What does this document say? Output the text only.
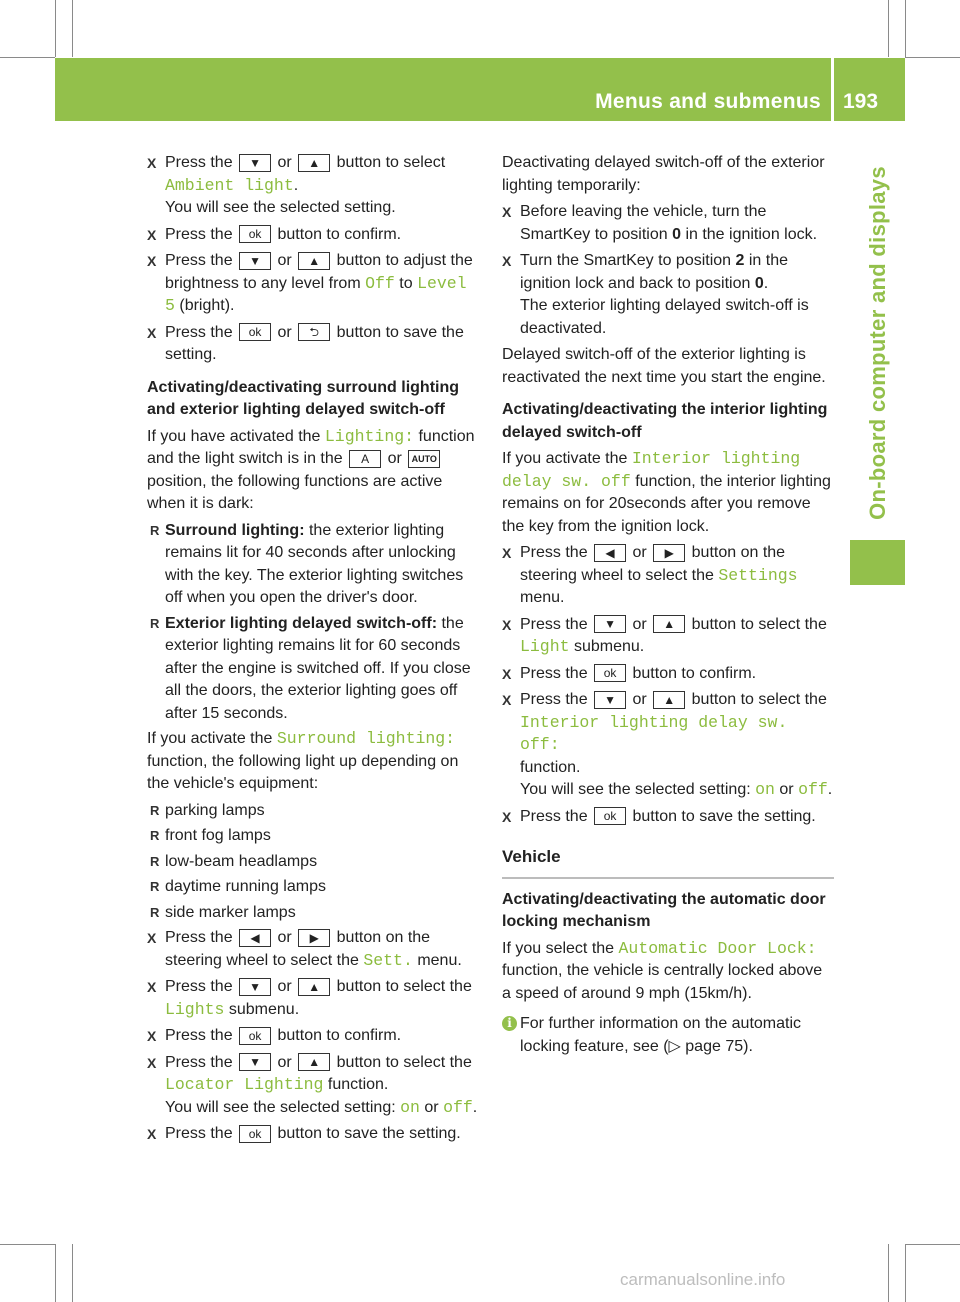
Menus and submenus 193
On-board computer and displays
X Press the ▼ or ▲ button to select
Ambient light.
You will see the selected setting.
X Press the ok button to confirm.
X Press the ▼ or ▲ button to adjust the brightness to any level from Off to Level 5 (bright).
X Press the ok or ⮌ button to save the setting.
Activating/deactivating surround lighting and exterior lighting delayed switch-off
If you have activated the Lighting: function and the light switch is in the A or AUTO position, the following functions are active when it is dark:
R Surround lighting: the exterior lighting remains lit for 40 seconds after unlocking with the key. The exterior lighting switches off when you open the driver's door.
R Exterior lighting delayed switch-off: the exterior lighting remains lit for 60 seconds after the engine is switched off. If you close all the doors, the exterior lighting goes off after 15 seconds.
If you activate the Surround lighting: function, the following light up depending on the vehicle's equipment:
R parking lamps
R front fog lamps
R low-beam headlamps
R daytime running lamps
R side marker lamps
X Press the ◀ or ▶ button on the steering wheel to select the Sett. menu.
X Press the ▼ or ▲ button to select the Lights submenu.
X Press the ok button to confirm.
X Press the ▼ or ▲ button to select the Locator Lighting function.
You will see the selected setting: on or off.
X Press the ok button to save the setting.
Deactivating delayed switch-off of the exterior lighting temporarily:
X Before leaving the vehicle, turn the SmartKey to position 0 in the ignition lock.
X Turn the SmartKey to position 2 in the ignition lock and back to position 0.
The exterior lighting delayed switch-off is deactivated.
Delayed switch-off of the exterior lighting is reactivated the next time you start the engine.
Activating/deactivating the interior lighting delayed switch-off
If you activate the Interior lighting delay sw. off function, the interior lighting remains on for 20seconds after you remove the key from the ignition lock.
X Press the ◀ or ▶ button on the steering wheel to select the Settings menu.
X Press the ▼ or ▲ button to select the Light submenu.
X Press the ok button to confirm.
X Press the ▼ or ▲ button to select the Interior lighting delay sw. off:
function.
You will see the selected setting: on or off.
X Press the ok button to save the setting.
Vehicle
Activating/deactivating the automatic door locking mechanism
If you select the Automatic Door Lock: function, the vehicle is centrally locked above a speed of around 9 mph (15km/h).
i For further information on the automatic locking feature, see (▷ page 75).
carmanualsonline.info
